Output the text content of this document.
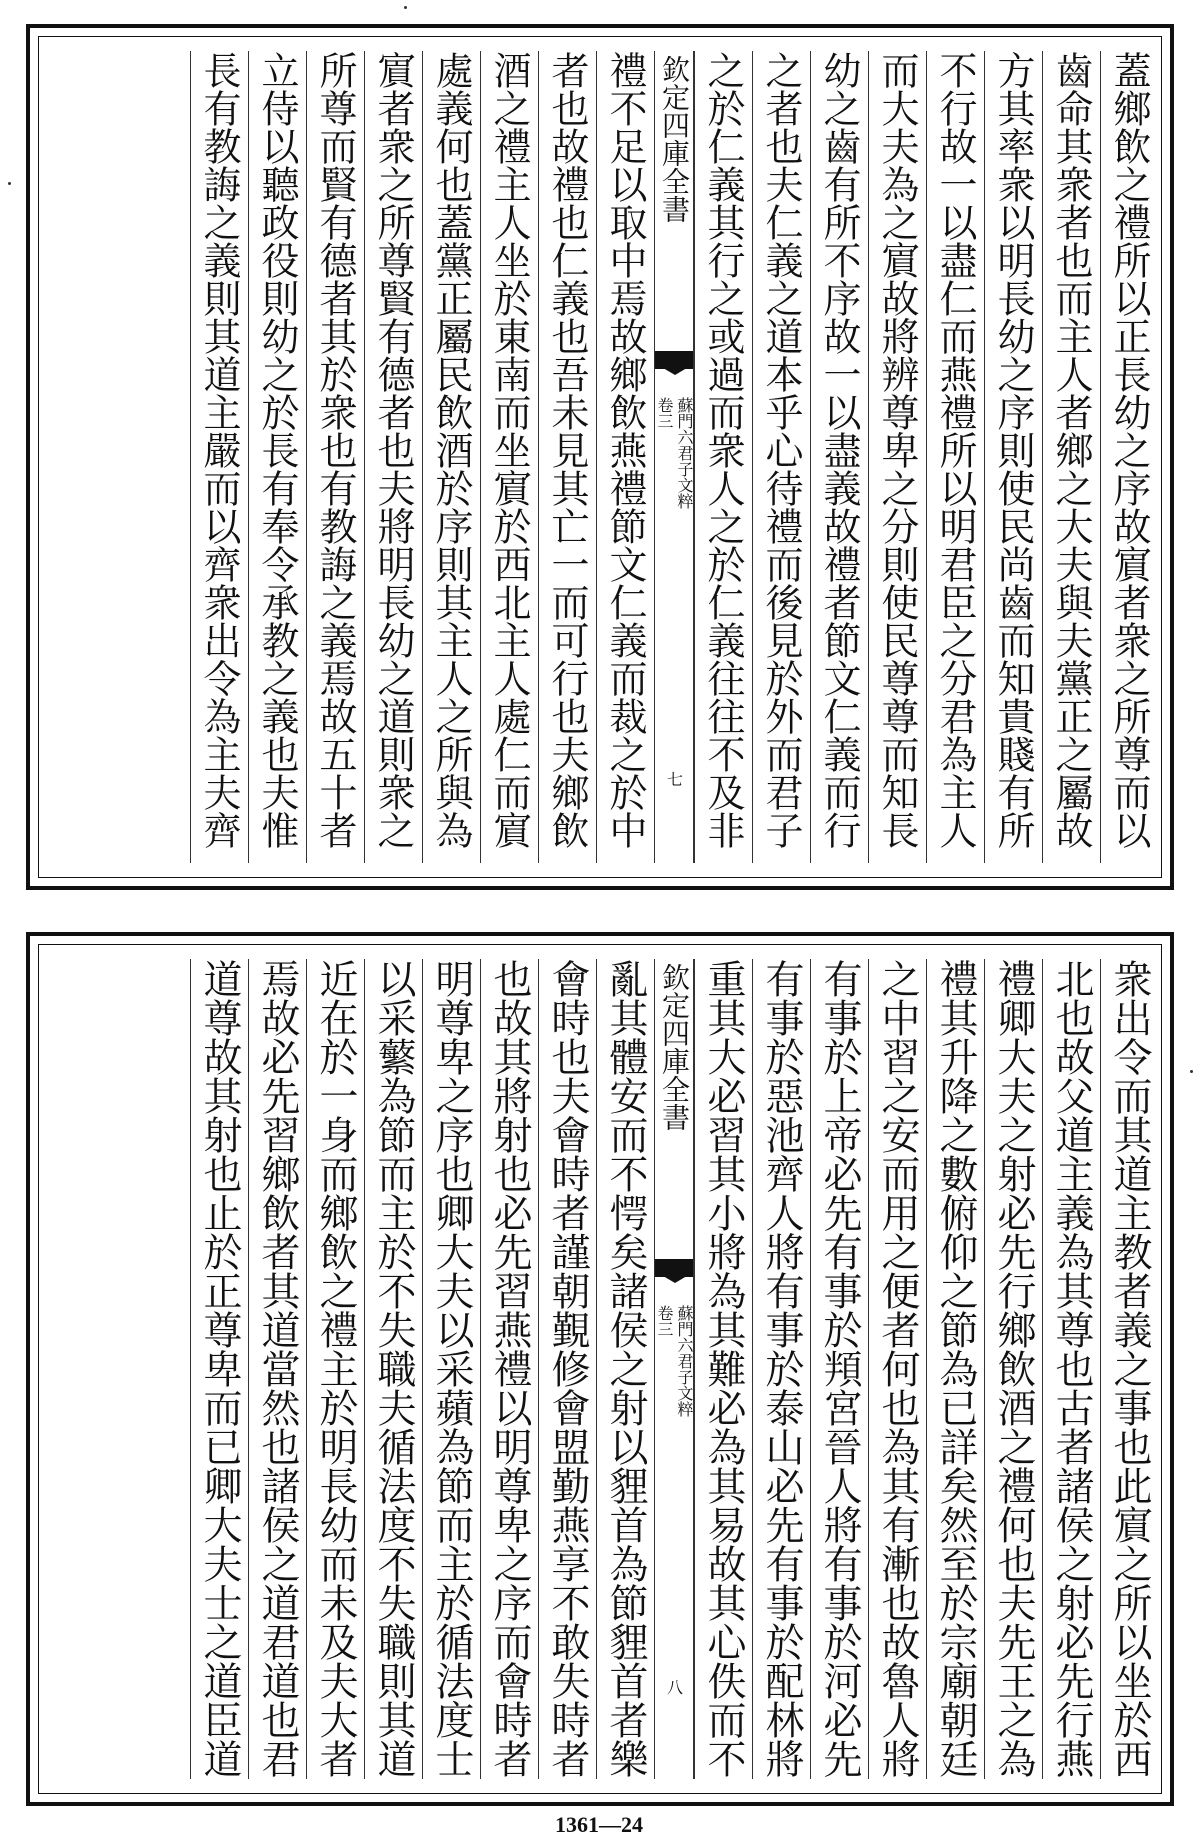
蓋鄉飲之禮所以正長幼之序故賔者衆之所尊而以
齒命其衆者也而主人者鄉之大夫與夫黨正之屬故
方其率衆以明長幼之序則使民尚齒而知貴賤有所
不行故一以盡仁而燕禮所以明君臣之分君為主人
而大夫為之賔故將辨尊卑之分則使民尊尊而知長
幼之齒有所不序故一以盡義故禮者節文仁義而行
之者也夫仁義之道本乎心待禮而後見於外而君子
之於仁義其行之或過而衆人之於仁義往往不及非
欽定四庫全書
蘇門六君子文粹
卷三
七
禮不足以取中焉故鄉飲燕禮節文仁義而裁之於中
者也故禮也仁義也吾未見其亡一而可行也夫鄉飲
酒之禮主人坐於東南而坐賔於西北主人處仁而賔
處義何也蓋黨正屬民飲酒於序則其主人之所與為
賔者衆之所尊賢有德者也夫將明長幼之道則衆之
所尊而賢有德者其於衆也有教誨之義焉故五十者
立侍以聽政役則幼之於長有奉令承教之義也夫惟
長有教誨之義則其道主嚴而以齊衆出令為主夫齊
衆出令而其道主教者義之事也此賔之所以坐於西
北也故父道主義為其尊也古者諸侯之射必先行燕
禮卿大夫之射必先行鄉飲酒之禮何也夫先王之為
禮其升降之數俯仰之節為已詳矣然至於宗廟朝廷
之中習之安而用之便者何也為其有漸也故魯人將
有事於上帝必先有事於頖宮晉人將有事於河必先
有事於惡池齊人將有事於泰山必先有事於配林將
重其大必習其小將為其難必為其易故其心佚而不
欽定四庫全書
蘇門六君子文粹
卷三
八
亂其體安而不愕矣諸侯之射以貍首為節貍首者樂
會時也夫會時者謹朝覲修會盟勤燕享不敢失時者
也故其將射也必先習燕禮以明尊卑之序而會時者
明尊卑之序也卿大夫以采蘋為節而主於循法度士
以采蘩為節而主於不失職夫循法度不失職則其道
近在於一身而鄉飲之禮主於明長幼而未及夫大者
焉故必先習鄉飲者其道當然也諸侯之道君道也君
道尊故其射也止於正尊卑而已卿大夫士之道臣道
1361—24
